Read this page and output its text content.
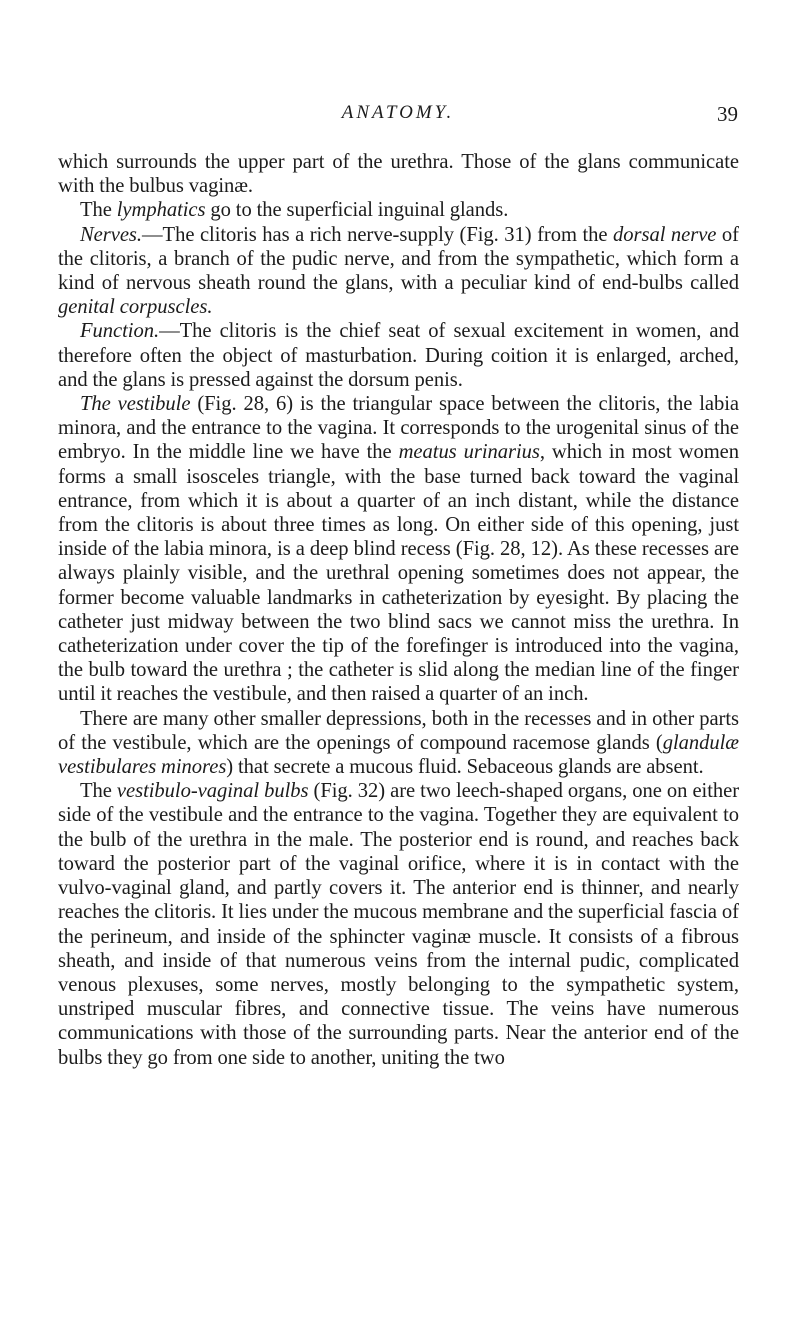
ANATOMY.	39

which surrounds the upper part of the urethra. Those of the glans communicate with the bulbus vaginæ.

The lymphatics go to the superficial inguinal glands.

Nerves.—The clitoris has a rich nerve-supply (Fig. 31) from the dorsal nerve of the clitoris, a branch of the pudic nerve, and from the sympathetic, which form a kind of nervous sheath round the glans, with a peculiar kind of end-bulbs called genital corpuscles.

Function.—The clitoris is the chief seat of sexual excitement in women, and therefore often the object of masturbation. During coition it is enlarged, arched, and the glans is pressed against the dorsum penis.

The vestibule (Fig. 28, 6) is the triangular space between the clitoris, the labia minora, and the entrance to the vagina. It corresponds to the urogenital sinus of the embryo. In the middle line we have the meatus urinarius, which in most women forms a small isosceles triangle, with the base turned back toward the vaginal entrance, from which it is about a quarter of an inch distant, while the distance from the clitoris is about three times as long. On either side of this opening, just inside of the labia minora, is a deep blind recess (Fig. 28, 12). As these recesses are always plainly visible, and the urethral opening sometimes does not appear, the former become valuable landmarks in catheterization by eyesight. By placing the catheter just midway between the two blind sacs we cannot miss the urethra. In catheterization under cover the tip of the forefinger is introduced into the vagina, the bulb toward the urethra ; the catheter is slid along the median line of the finger until it reaches the vestibule, and then raised a quarter of an inch.

There are many other smaller depressions, both in the recesses and in other parts of the vestibule, which are the openings of compound racemose glands (glandulæ vestibulares minores) that secrete a mucous fluid. Sebaceous glands are absent.

The vestibulo-vaginal bulbs (Fig. 32) are two leech-shaped organs, one on either side of the vestibule and the entrance to the vagina. Together they are equivalent to the bulb of the urethra in the male. The posterior end is round, and reaches back toward the posterior part of the vaginal orifice, where it is in contact with the vulvo-vaginal gland, and partly covers it. The anterior end is thinner, and nearly reaches the clitoris. It lies under the mucous membrane and the superficial fascia of the perineum, and inside of the sphincter vaginæ muscle. It consists of a fibrous sheath, and inside of that numerous veins from the internal pudic, complicated venous plexuses, some nerves, mostly belonging to the sympathetic system, unstriped muscular fibres, and connective tissue. The veins have numerous communications with those of the surrounding parts. Near the anterior end of the bulbs they go from one side to another, uniting the two
